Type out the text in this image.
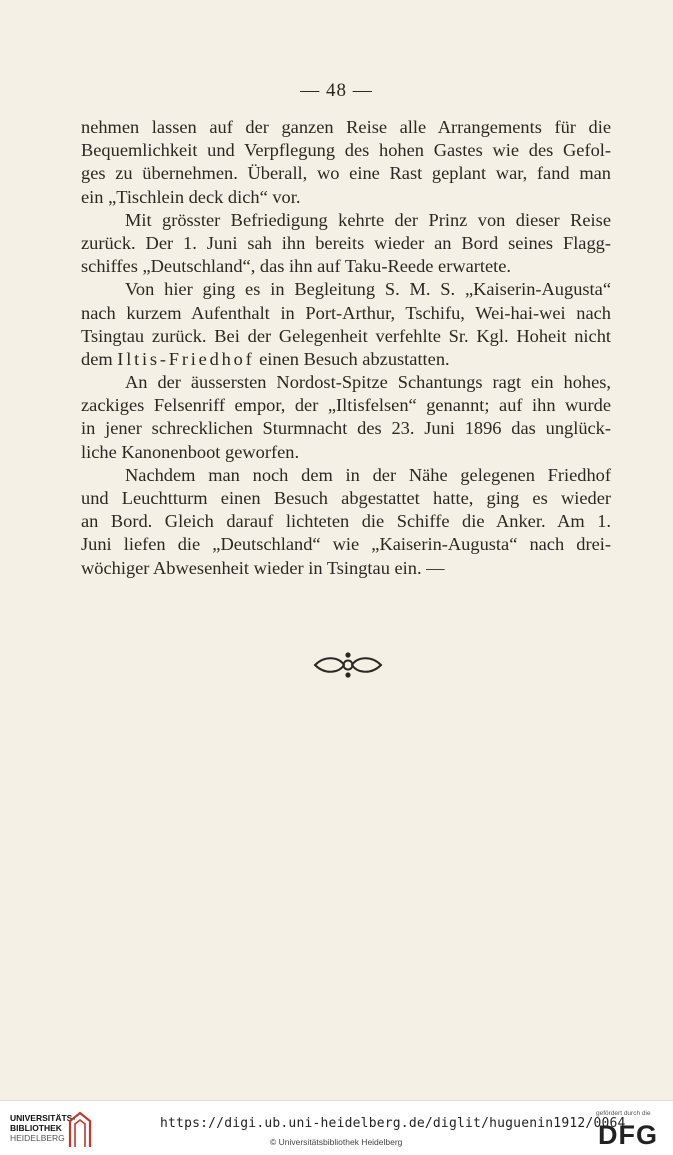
— 48 —
nehmen lassen auf der ganzen Reise alle Arrangements für die
Bequemlichkeit und Verpflegung des hohen Gastes wie des Gefol-
ges zu übernehmen. Überall, wo eine Rast geplant war, fand man
ein „Tischlein deck dich“ vor.
Mit grösster Befriedigung kehrte der Prinz von dieser Reise
zurück. Der 1. Juni sah ihn bereits wieder an Bord seines Flagg-
schiffes „Deutschland“, das ihn auf Taku-Reede erwartete.
Von hier ging es in Begleitung S. M. S. „Kaiserin-Augusta“
nach kurzem Aufenthalt in Port-Arthur, Tschifu, Wei-hai-wei nach
Tsingtau zurück. Bei der Gelegenheit verfehlte Sr. Kgl. Hoheit nicht
dem Iltis-Friedhof einen Besuch abzustatten.
An der äussersten Nordost-Spitze Schantungs ragt ein hohes,
zackiges Felsenriff empor, der „Iltisfelsen“ genannt; auf ihn wurde
in jener schrecklichen Sturmnacht des 23. Juni 1896 das unglück-
liche Kanonenboot geworfen.
Nachdem man noch dem in der Nähe gelegenen Friedhof
und Leuchtturm einen Besuch abgestattet hatte, ging es wieder
an Bord. Gleich darauf lichteten die Schiffe die Anker. Am 1.
Juni liefen die „Deutschland“ wie „Kaiserin-Augusta“ nach drei-
wöchiger Abwesenheit wieder in Tsingtau ein. —
UNIVERSITÄTS-
BIBLIOTHEK
HEIDELBERG
https://digi.ub.uni-heidelberg.de/diglit/huguenin1912/0064
© Universitätsbibliothek Heidelberg
gefördert durch die
DFG
